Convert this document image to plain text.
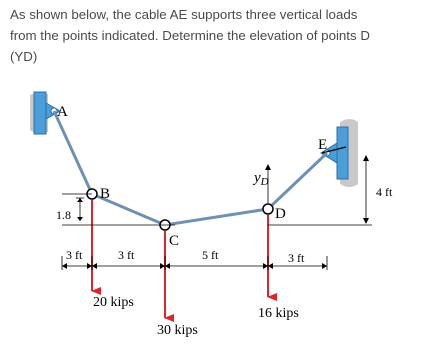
As shown below, the cable AE supports three vertical loads
from the points indicated. Determine the elevation of points D
(YD)
A
B
C
D
E
20 kips
30 kips
16 kips
1.8
$y_D$
4 ft
3 ft	3 ft	5 ft	3 ft
